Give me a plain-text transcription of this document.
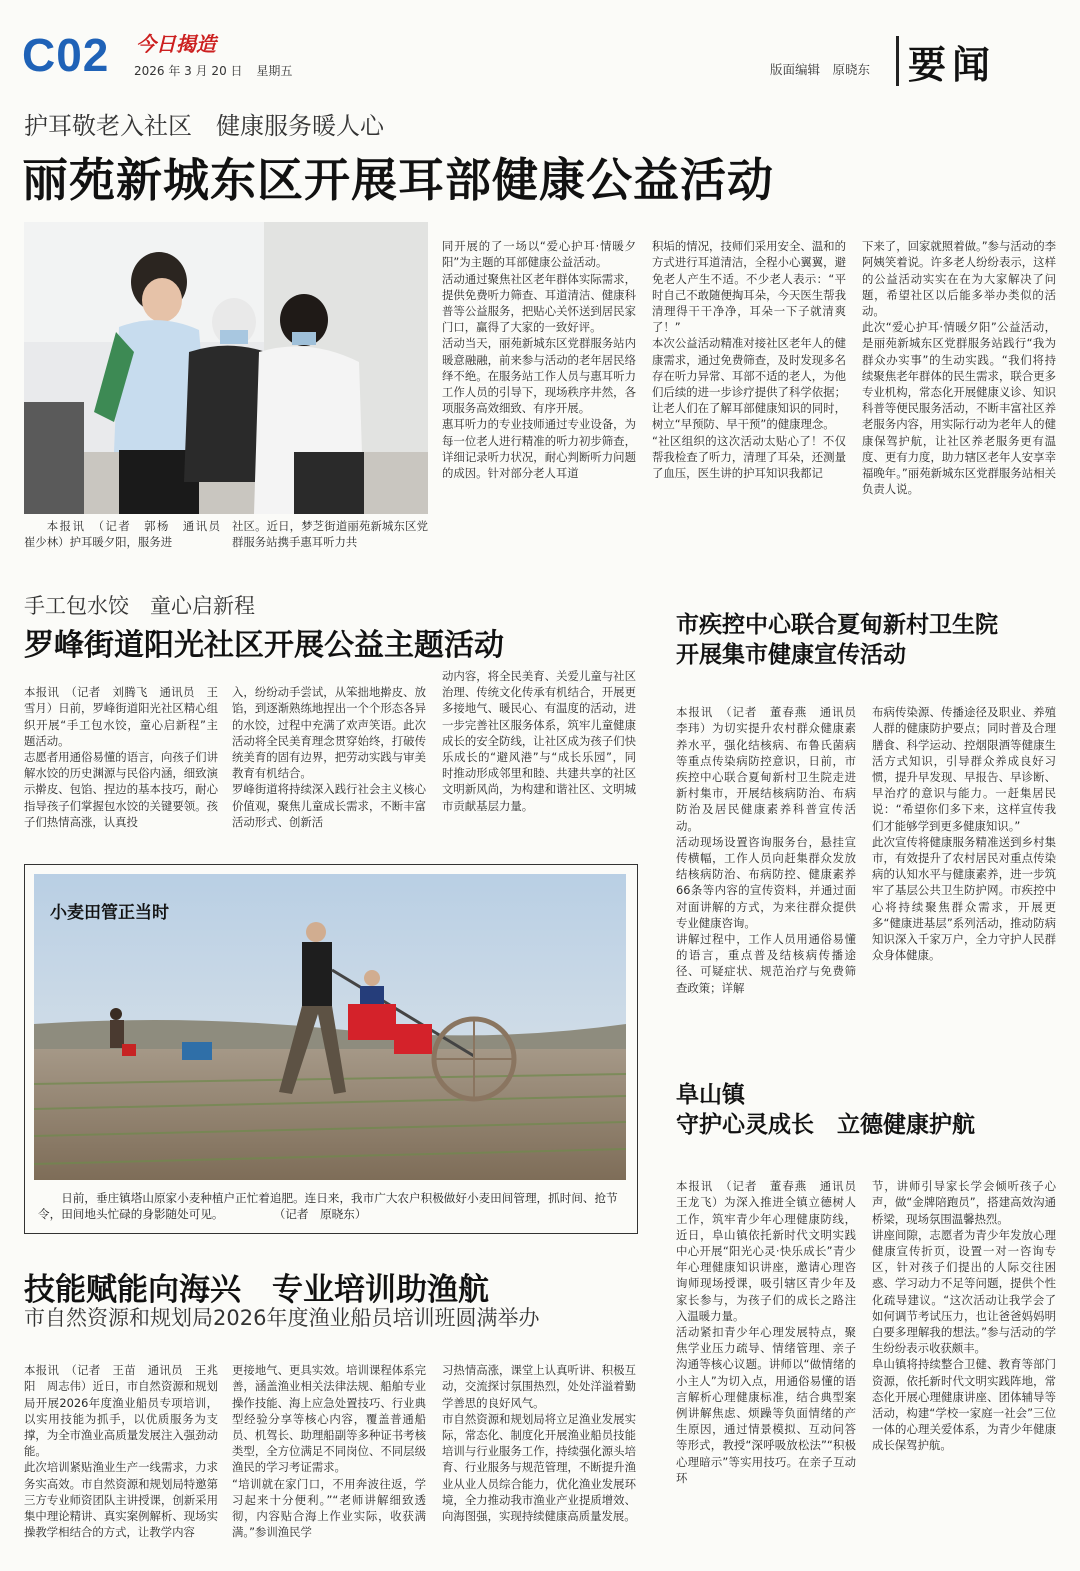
C02 今日揭造
2026 年 3 月 20 日 星期五	版面编辑　原晓东 要闻
护耳敬老入社区　健康服务暖人心
丽苑新城东区开展耳部健康公益活动

本报讯　（记者　郭杨　通讯员　崔少林）护耳暖夕阳，服务进

社区。近日，梦芝街道丽苑新城东区党群服务站携手惠耳听力共

同开展的了一场以“爱心护耳·情暖夕阳”为主题的耳部健康公益活动。
活动通过聚焦社区老年群体实际需求，提供免费听力筛查、耳道清洁、健康科普等公益服务，把贴心关怀送到居民家门口，赢得了大家的一致好评。
活动当天，丽苑新城东区党群服务站内暖意融融，前来参与活动的老年居民络绎不绝。在服务站工作人员与惠耳听力工作人员的引导下，现场秩序井然，各项服务高效细致、有序开展。
惠耳听力的专业技师通过专业设备，为每一位老人进行精准的听力初步筛查，详细记录听力状况，耐心判断听力问题的成因。针对部分老人耳道

积垢的情况，技师们采用安全、温和的方式进行耳道清洁，全程小心翼翼，避免老人产生不适。不少老人表示：“平时自己不敢随便掏耳朵，今天医生帮我清理得干干净净，耳朵一下子就清爽了！”
本次公益活动精准对接社区老年人的健康需求，通过免费筛查，及时发现多名存在听力异常、耳部不适的老人，为他们后续的进一步诊疗提供了科学依据；让老人们在了解耳部健康知识的同时，树立“早预防、早干预”的健康理念。
“社区组织的这次活动太贴心了！不仅帮我检查了听力，清理了耳朵，还测量了血压，医生讲的护耳知识我都记

下来了，回家就照着做。”参与活动的李阿姨笑着说。许多老人纷纷表示，这样的公益活动实实在在为大家解决了问题，希望社区以后能多举办类似的活动。
此次“爱心护耳·情暖夕阳”公益活动，是丽苑新城东区党群服务站践行“我为群众办实事”的生动实践。“我们将持续聚焦老年群体的民生需求，联合更多专业机构，常态化开展健康义诊、知识科普等便民服务活动，不断丰富社区养老服务内容，用实际行动为老年人的健康保驾护航，让社区养老服务更有温度、更有力度，助力辖区老年人安享幸福晚年。”丽苑新城东区党群服务站相关负责人说。

手工包水饺　童心启新程
罗峰街道阳光社区开展公益主题活动

本报讯　（记者　刘腾飞　通讯员　王雪月）日前，罗峰街道阳光社区精心组织开展“手工包水饺，童心启新程”主题活动。
志愿者用通俗易懂的语言，向孩子们讲解水饺的历史渊源与民俗内涵，细致演示擀皮、包馅、捏边的基本技巧，耐心指导孩子们掌握包水饺的关键要领。孩子们热情高涨，认真投

入，纷纷动手尝试，从笨拙地擀皮、放馅，到逐渐熟练地捏出一个个形态各异的水饺，过程中充满了欢声笑语。此次活动将全民美育理念贯穿始终，打破传统美育的固有边界，把劳动实践与审美教育有机结合。
罗峰街道将持续深入践行社会主义核心价值观，聚焦儿童成长需求，不断丰富活动形式、创新活

动内容，将全民美育、关爱儿童与社区治理、传统文化传承有机结合，开展更多接地气、暖民心、有温度的活动，进一步完善社区服务体系，筑牢儿童健康成长的安全防线，让社区成为孩子们快乐成长的“避风港”与“成长乐园”，同时推动形成邻里和睦、共建共享的社区文明新风尚，为构建和谐社区、文明城市贡献基层力量。

小麦田管正当时
日前，垂庄镇塔山原家小麦种植户正忙着追肥。连日来，我市广大农户积极做好小麦田间管理，抓时间、抢节令，田间地头忙碌的身影随处可见。	（记者　原晓东）
技能赋能向海兴　专业培训助渔航
市自然资源和规划局2026年度渔业船员培训班圆满举办

本报讯　（记者　王苗　通讯员　王兆阳　周志伟）近日，市自然资源和规划局开展2026年度渔业船员专项培训，以实用技能为抓手，以优质服务为支撑，为全市渔业高质量发展注入强劲动能。
此次培训紧贴渔业生产一线需求，力求务实高效。市自然资源和规划局特邀第三方专业师资团队主讲授课，创新采用集中理论精讲、真实案例解析、现场实操教学相结合的方式，让教学内容

更接地气、更具实效。培训课程体系完善，涵盖渔业相关法律法规、船舶专业操作技能、海上应急处置技巧、行业典型经验分享等核心内容，覆盖普通船员、机驾长、助理船副等多种证书考核类型，全方位满足不同岗位、不同层级渔民的学习考证需求。
“培训就在家门口，不用奔波往返，学习起来十分便利。”“老师讲解细致透彻，内容贴合海上作业实际，收获满满。”参训渔民学

习热情高涨，课堂上认真听讲、积极互动，交流探讨氛围热烈，处处洋溢着勤学善思的良好风气。
市自然资源和规划局将立足渔业发展实际，常态化、制度化开展渔业船员技能培训与行业服务工作，持续强化源头培育、行业服务与规范管理，不断提升渔业从业人员综合能力，优化渔业发展环境，全力推动我市渔业产业提质增效、向海图强，实现持续健康高质量发展。

市疾控中心联合夏甸新村卫生院
开展集市健康宣传活动

本报讯　（记者　董春燕　通讯员　李玮）为切实提升农村群众健康素养水平，强化结核病、布鲁氏菌病等重点传染病防控意识，日前，市疾控中心联合夏甸新村卫生院走进新村集市，开展结核病防治、布病防治及居民健康素养科普宣传活动。
活动现场设置咨询服务台，悬挂宣传横幅，工作人员向赶集群众发放结核病防治、布病防控、健康素养66条等内容的宣传资料，并通过面对面讲解的方式，为来往群众提供专业健康咨询。
讲解过程中，工作人员用通俗易懂的语言，重点普及结核病传播途径、可疑症状、规范治疗与免费筛查政策；详解

布病传染源、传播途径及职业、养殖人群的健康防护要点；同时普及合理膳食、科学运动、控烟限酒等健康生活方式知识，引导群众养成良好习惯，提升早发现、早报告、早诊断、早治疗的意识与能力。一赶集居民说：“希望你们多下来，这样宣传我们才能够学到更多健康知识。”
此次宣传将健康服务精准送到乡村集市，有效提升了农村居民对重点传染病的认知水平与健康素养，进一步筑牢了基层公共卫生防护网。市疾控中心将持续聚焦群众需求，开展更多“健康进基层”系列活动，推动防病知识深入千家万户，全力守护人民群众身体健康。

阜山镇
守护心灵成长　立德健康护航

本报讯　（记者　董春燕　通讯员　王龙飞）为深入推进全镇立德树人工作，筑牢青少年心理健康防线，近日，阜山镇依托新时代文明实践中心开展“阳光心灵·快乐成长”青少年心理健康知识讲座，邀请心理咨询师现场授课，吸引辖区青少年及家长参与，为孩子们的成长之路注入温暖力量。
活动紧扣青少年心理发展特点，聚焦学业压力疏导、情绪管理、亲子沟通等核心议题。讲师以“做情绪的小主人”为切入点，用通俗易懂的语言解析心理健康标准，结合典型案例讲解焦虑、烦躁等负面情绪的产生原因，通过情景模拟、互动问答等形式，教授“深呼吸放松法”“积极心理暗示”等实用技巧。在亲子互动环

节，讲师引导家长学会倾听孩子心声，做“金牌陪跑员”，搭建高效沟通桥梁，现场氛围温馨热烈。
讲座间隙，志愿者为青少年发放心理健康宣传折页，设置一对一咨询专区，针对孩子们提出的人际交往困惑、学习动力不足等问题，提供个性化疏导建议。“这次活动让我学会了如何调节考试压力，也让爸爸妈妈明白要多理解我的想法。”参与活动的学生纷纷表示收获颇丰。
阜山镇将持续整合卫健、教育等部门资源，依托新时代文明实践阵地，常态化开展心理健康讲座、团体辅导等活动，构建“学校一家庭一社会”三位一体的心理关爱体系，为青少年健康成长保驾护航。
